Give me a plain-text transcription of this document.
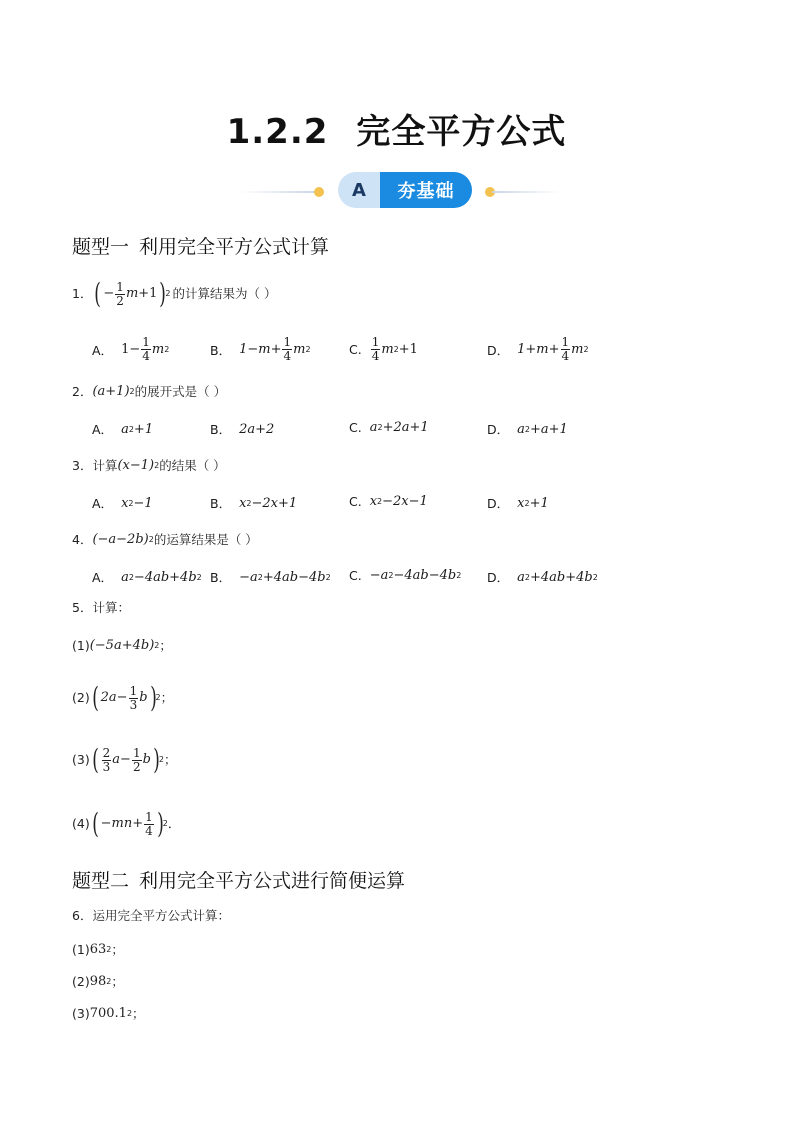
1.2.2 完全平方公式
A	夯基础
题型一 利用完全平方公式计算
1． ( − $\frac{1}{2}$ m +1 ) 2 的计算结果为（ ）
A． $1- \frac{1}{4}$ m 2	B． $1-m+ \frac{1}{4}$ m 2	C. $\frac{1}{4}$ m 2 +1	D． $1+m+ \frac{1}{4}$ m 2
2． (a+1) 2 的展开式是（ ）
A． a 2 +1	B． 2a+2	C. a 2 +2a+1	D． a 2 +a+1
3． 计算 (x−1) 2 的结果（ ）
A． x 2 −1	B． x 2 −2x+1	C. x 2 −2x−1	D． x 2 +1
4． (−a−2b) 2 的运算结果是（ ）
A． a 2 −4ab+4b 2 B． −a 2 +4ab−4b 2 C. −a 2 −4ab−4b 2 D． a 2 +4ab+4b 2
5． 计算：
(1) (−5a+4b) 2 ；
(2) ( $2a- \frac{1}{3}$ b ) 2 ；
(3) ( $\frac{2}{3} a- \frac{1}{2}$ b ) 2 ；
(4) ( $-mn+ \frac{1}{4}$ ) 2 ．
题型二 利用完全平方公式进行简便运算
6． 运用完全平方公式计算：
(1) 63 2 ；
(2) 98 2 ；
(3) 700.1 2 ；
